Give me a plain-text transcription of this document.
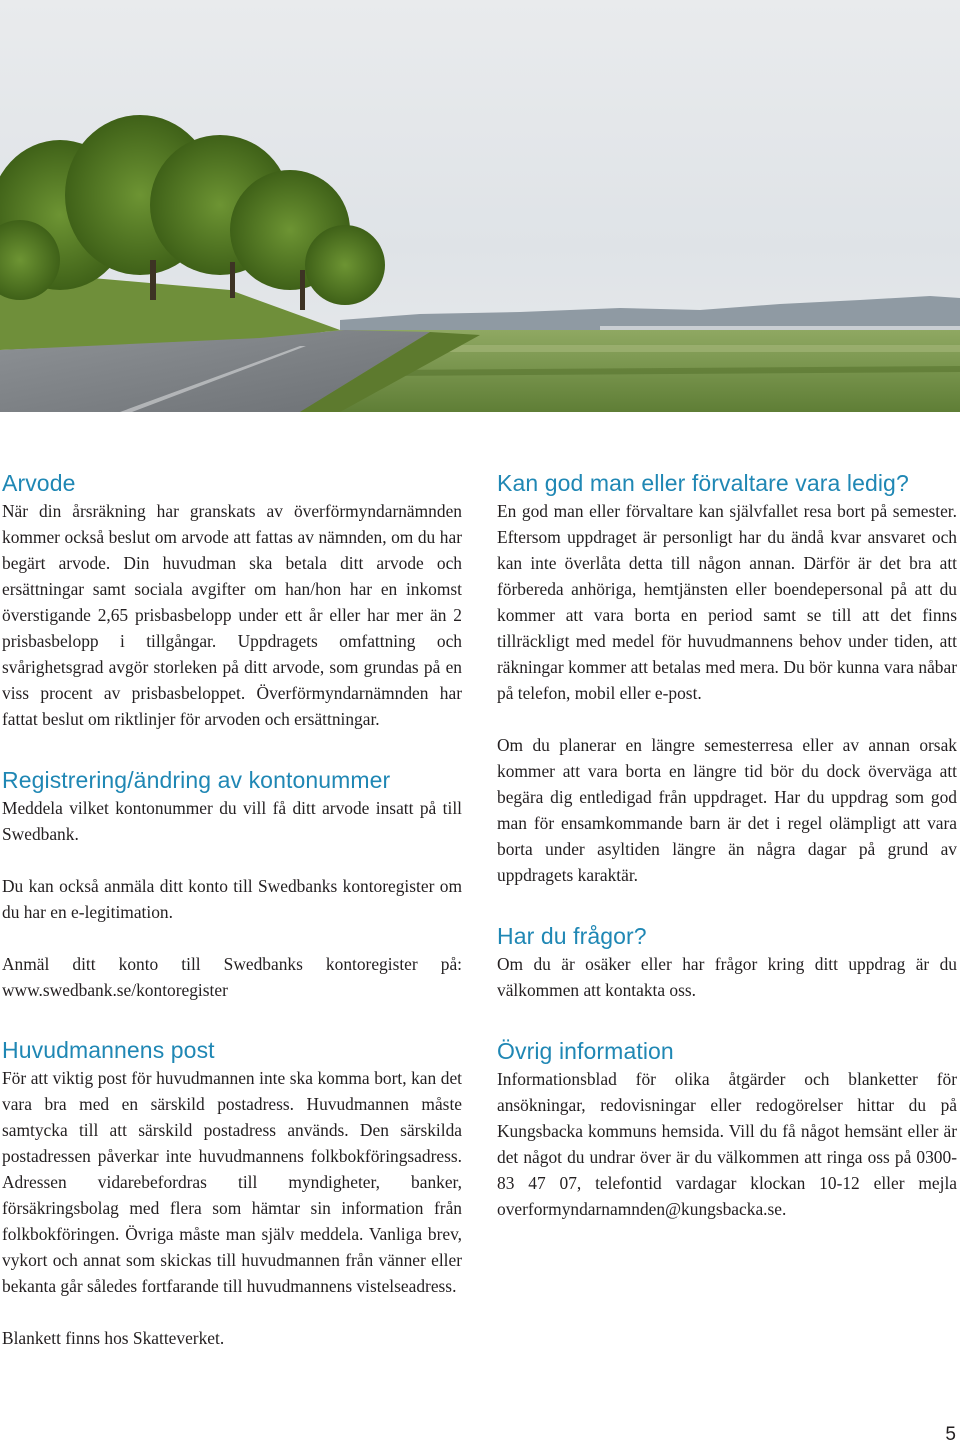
Arvode

När din årsräkning har granskats av överförmyndarnämnden kommer också beslut om arvode att fattas av nämnden, om du har begärt arvode. Din huvudman ska betala ditt arvode och ersättningar samt sociala avgifter om han/hon har en inkomst överstigande 2,65 prisbasbelopp under ett år eller har mer än 2 prisbasbelopp i tillgångar. Uppdragets omfattning och svårighetsgrad avgör storleken på ditt arvode, som grundas på en viss procent av prisbasbeloppet. Överförmyndarnämnden har fattat beslut om riktlinjer för arvoden och ersättningar.

Registrering/ändring av kontonummer

Meddela vilket kontonummer du vill få ditt arvode insatt på till Swedbank.

Du kan också anmäla ditt konto till Swedbanks kontoregister om du har en e-legitimation.

Anmäl ditt konto till Swedbanks kontoregister på: www.swedbank.se/kontoregister

Huvudmannens post

För att viktig post för huvudmannen inte ska komma bort, kan det vara bra med en särskild postadress. Huvudmannen måste samtycka till att särskild postadress används. Den särskilda postadressen påverkar inte huvudmannens folkbokföringsadress. Adressen vidarebefordras till myndigheter, banker, försäkringsbolag med flera som hämtar sin information från folkbokföringen. Övriga måste man själv meddela. Vanliga brev, vykort och annat som skickas till huvudmannen från vänner eller bekanta går således fortfarande till huvudmannens vistelseadress.

Blankett finns hos Skatteverket.

Kan god man eller förvaltare vara ledig?

En god man eller förvaltare kan självfallet resa bort på semester. Eftersom uppdraget är personligt har du ändå kvar ansvaret och kan inte överlåta detta till någon annan. Därför är det bra att förbereda anhöriga, hemtjänsten eller boendepersonal på att du kommer att vara borta en period samt se till att det finns tillräckligt med medel för huvudmannens behov under tiden, att räkningar kommer att betalas med mera. Du bör kunna vara nåbar på telefon, mobil eller e-post.

Om du planerar en längre semesterresa eller av annan orsak kommer att vara borta en längre tid bör du dock överväga att begära dig entledigad från uppdraget. Har du uppdrag som god man för ensamkommande barn är det i regel olämpligt att vara borta under asyltiden längre än några dagar på grund av uppdragets karaktär.

Har du frågor?

Om du är osäker eller har frågor kring ditt uppdrag är du välkommen att kontakta oss.

Övrig information

Informationsblad för olika åtgärder och blanketter för ansökningar, redovisningar eller redogörelser hittar du på Kungsbacka kommuns hemsida. Vill du få något hemsänt eller är det något du undrar över är du välkommen att ringa oss på 0300-83 47 07, telefontid vardagar klockan 10-12 eller mejla overformyndarnamnden@kungsbacka.se.

5
